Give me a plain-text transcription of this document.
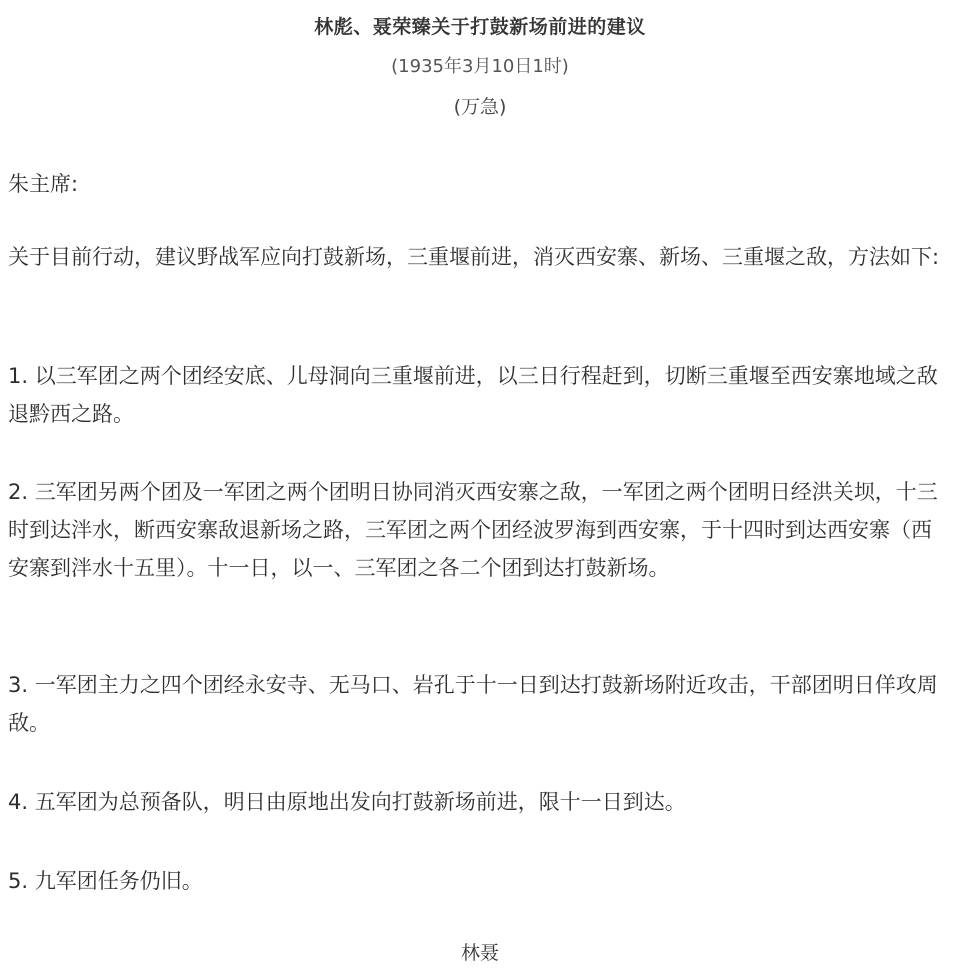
林彪、聂荣臻关于打鼓新场前进的建议
(1935年3月10日1时)
(万急)
朱主席:
关于目前行动，建议野战军应向打鼓新场，三重堰前进，消灭西安寨、新场、三重堰之敌，方法如下:
1. 以三军团之两个团经安底、儿母洞向三重堰前进，以三日行程赶到，切断三重堰至西安寨地域之敌退黔西之路。
2. 三军团另两个团及一军团之两个团明日协同消灭西安寨之敌，一军团之两个团明日经洪关坝，十三时到达泮水，断西安寨敌退新场之路，三军团之两个团经波罗海到西安寨，于十四时到达西安寨（西安寨到泮水十五里）。十一日，以一、三军团之各二个团到达打鼓新场。
3. 一军团主力之四个团经永安寺、无马口、岩孔于十一日到达打鼓新场附近攻击，干部团明日佯攻周敌。
4. 五军团为总预备队，明日由原地出发向打鼓新场前进，限十一日到达。
5. 九军团任务仍旧。
林聂
